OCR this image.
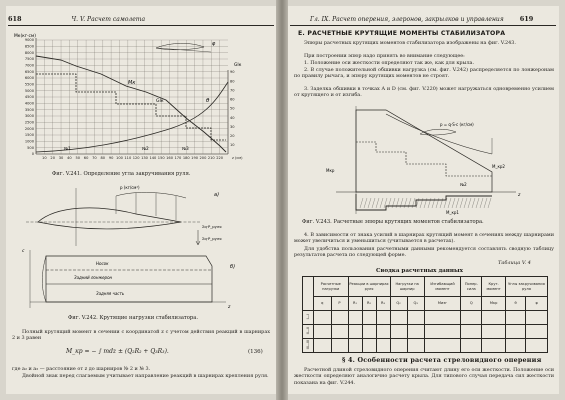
618	Ч. V. Расчет самолета
9000
8500
8000
7500
7000
6500
6000
5500
5000
4500
4000
3500
3000
2500
2000
1500
1000
500
0
10 20 30 40 50 60 70 80 90 100 110 120 130 140 150 160 170 180 190 200 210 220
90
80
70
60
50
40
30
20
10
z (см)
Мк(кг·см)
GIк
Мк
GIк	θ
φ
№1	№2	№3
Фиг. V.241. Определение угла закручивания руля.
а)
б)
p (кг/см²)
Σq·P_руля
Σq·P_руля
Носок
Задний лонжерон
Задняя часть
z
c
Фиг. V.242. Крутящие нагрузки стабилизатора.

Полный крутящий момент в сечении с координатой z с учетом действия реакций в шарнирах 2 и 3 равен

M_кр = − ∫ mdz ± (Q₂R₂ + Q₃R₃).	(136)

где a₂ и a₃ — расстояние от z до шарниров № 2 и № 3.

Двойной знак перед слагаемым учитывает направление реакций в шарнирах крепления руля.

Гл. IX. Расчет оперения, элеронов, закрылков и управления 619
Е. РАСЧЕТНЫЕ КРУТЯЩИЕ МОМЕНТЫ СТАБИЛИЗАТОРА

Эпюры расчетных крутящих моментов стабилизатора изображены на фиг. V.243.

При построении эпюр надо принять во внимание следующее:

1. Положение оси жесткости определяют так же, как для крыла.

2. В случае положительной обшивки нагрузка (см. фиг. V.242) распределяется по лонжеронам по правилу рычага, и эпюру крутящих моментов не строят.

3. Заделка обшивки в точках A и D (см. фиг. V.220) может нагружаться одновременно усилием от крутящего и от изгиба.

p = q·S·c (кг/см)
z
Мкр
M_кр1
M_кр2
№2
Фиг. V.243. Расчетные эпюры крутящих моментов стабилизатора.

4. В зависимости от знака усилий в шарнирах крутящий момент в сечениях между шарнирами может увеличиться и уменьшиться (учитывается в расчетах).

Для удобства пользования расчетными данными рекомендуется составлять сводную таблицу результатов расчета по следующей форме.

Таблица V. 4
Сводка расчетных данных
	Расчетные нагрузки		Реакции в шарнирах руля			Нагрузки на шарнир		Изгибающий момент	Попер. сила	Крут. момент	Углы закручивания руля	
	q	P	R₁	R₂	R₃	Q₂	Q₃	Mизг	Q	Мкр	θ	φ
I—I												
II—II												
III—III												
§ 4. Особенности расчета стреловидного оперения

Расчетной длиной стреловидного оперения считают длину его оси жесткости. Положение оси жесткости определяют аналогично расчету крыла. Для типового случая передача сил жесткости показана на фиг. V.244.
